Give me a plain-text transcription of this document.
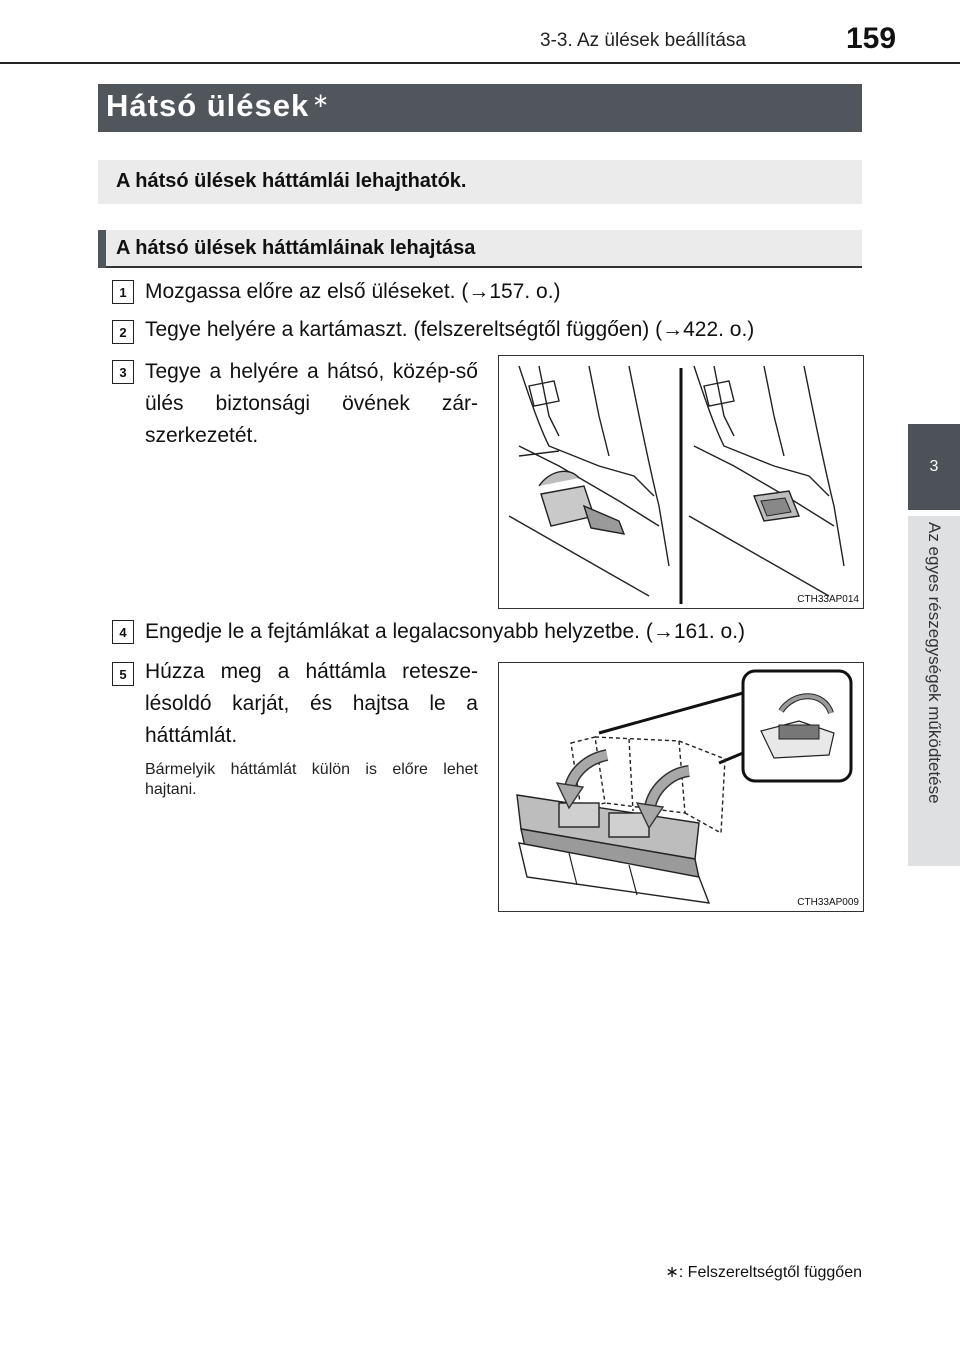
3-3. Az ülések beállítása	159
3
Az egyes részegységek működtetése
Hátsó ülések ∗
A hátsó ülések háttámlái lehajthatók.
A hátsó ülések háttámláinak lehajtása
1 Mozgassa előre az első üléseket. (→157. o.)
2 Tegye helyére a kartámaszt. (felszereltségtől függően) (→422. o.)
3 Tegye a helyére a hátsó, közép-ső ülés biztonsági övének zár-szerkezetét.
CTH33AP014
4 Engedje le a fejtámlákat a legalacsonyabb helyzetbe. (→161. o.)
5 Húzza meg a háttámla retesze-lésoldó karját, és hajtsa le a háttámlát.
Bármelyik háttámlát külön is előre lehet hajtani.
CTH33AP009
∗: Felszereltségtől függően
